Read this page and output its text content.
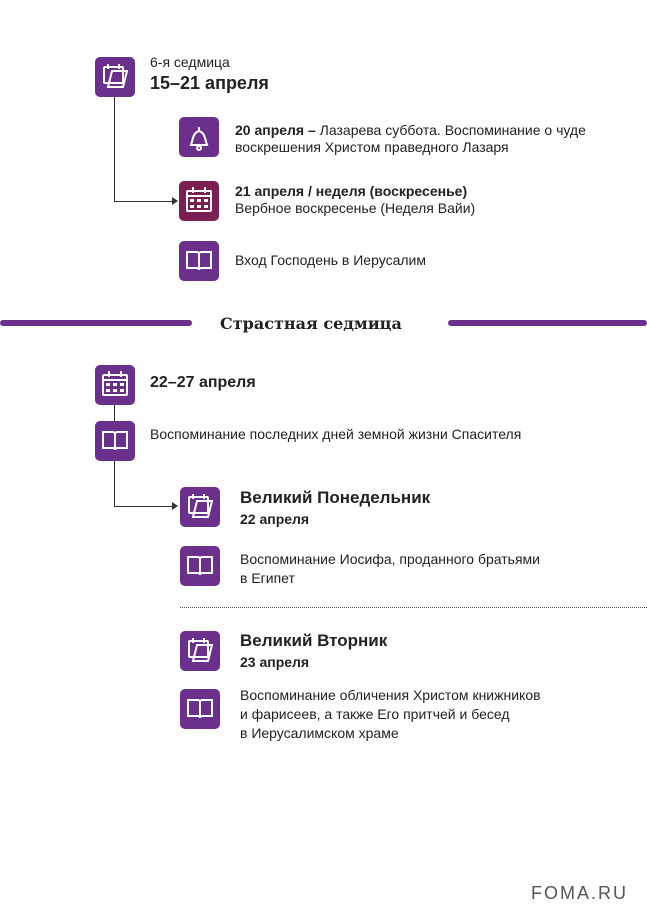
6-я седмица
15–21 апреля
20 апреля – Лазарева суббота. Воспоминание о чуде
воскрешения Христом праведного Лазаря
21 апреля / неделя (воскресенье)
Вербное воскресенье (Неделя Вайи)
Вход Господень в Иерусалим
Страстная седмица
22–27 апреля
Воспоминание последних дней земной жизни Спасителя
Великий Понедельник
22 апреля
Воспоминание Иосифа, проданного братьями
в Египет
Великий Вторник
23 апреля
Воспоминание обличения Христом книжников
и фарисеев, а также Его притчей и бесед
в Иерусалимском храме
FOMA.RU
